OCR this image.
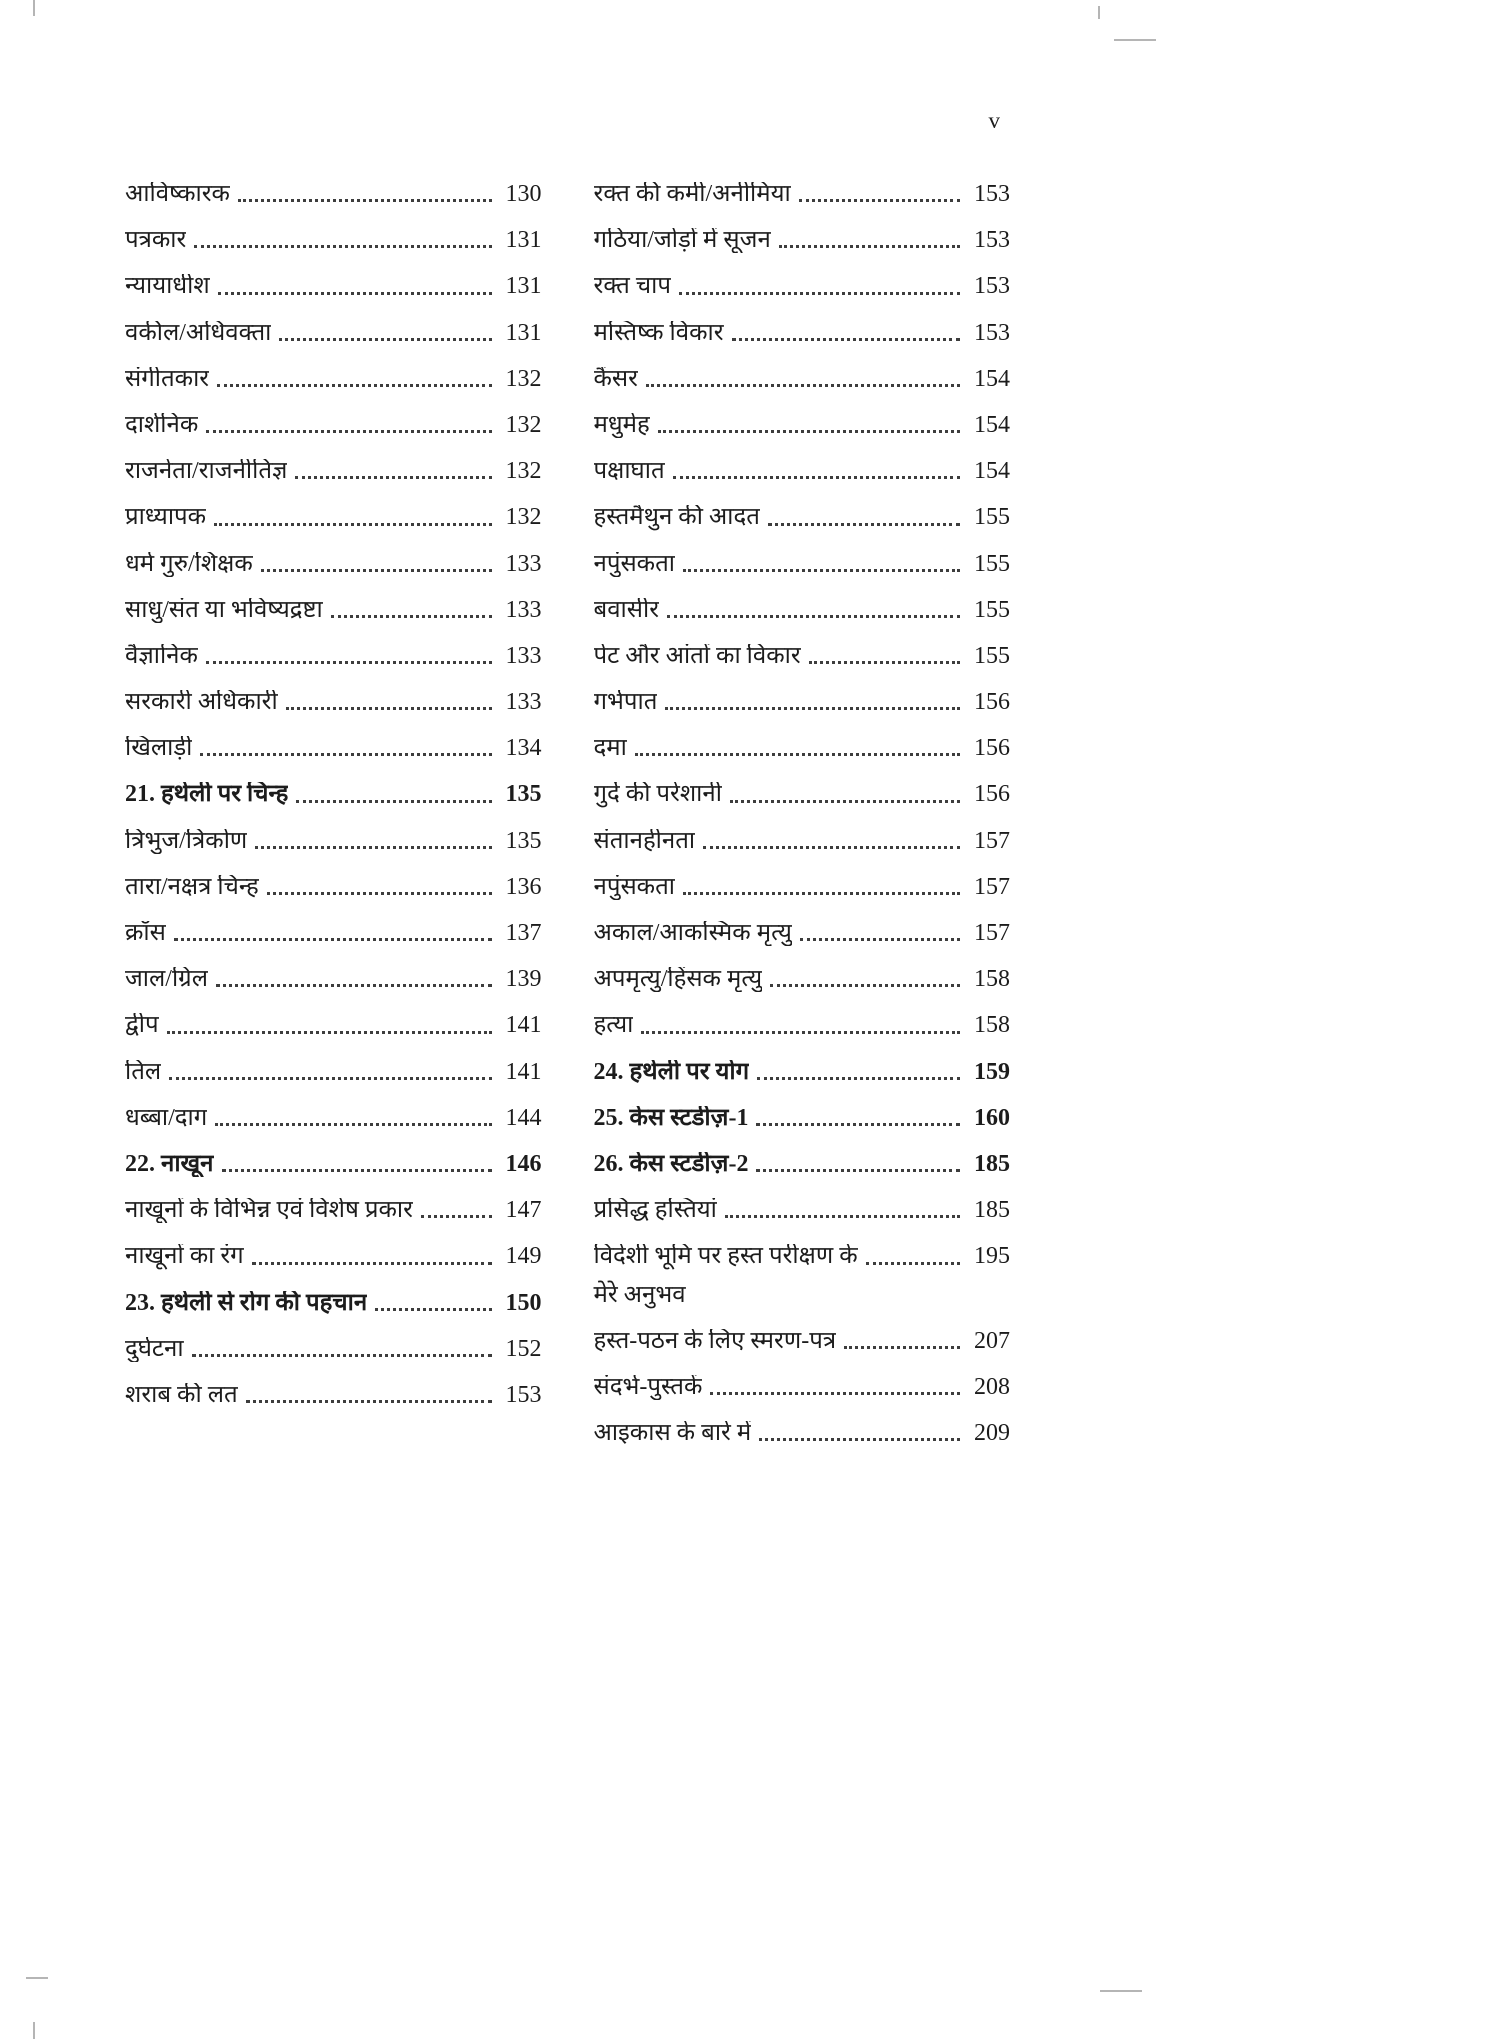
v
आविष्कारक	130
पत्रकार	131
न्यायाधीश	131
वकील/अधिवक्ता	131
संगीतकार	132
दार्शनिक	132
राजनेता/राजनीतिज्ञ	132
प्राध्यापक	132
धर्म गुरु/शिक्षक	133
साधु/संत या भविष्यद्रष्टा	133
वैज्ञानिक	133
सरकारी अधिकारी	133
खिलाड़ी	134
21. हथेली पर चिन्ह	135
त्रिभुज/त्रिकोण	135
तारा/नक्षत्र चिन्ह	136
क्रॉस	137
जाल/ग्रिल	139
द्वीप	141
तिल	141
धब्बा/दाग	144
22. नाखून	146
नाखूनों के विभिन्न एवं विशेष प्रकार	147
नाखूनों का रंग	149
23. हथेली से रोग की पहचान	150
दुर्घटना	152
शराब की लत	153
रक्त की कमी/अनीमिया	153
गठिया/जोड़ों में सूजन	153
रक्त चाप	153
मस्तिष्क विकार	153
कैंसर	154
मधुमेह	154
पक्षाघात	154
हस्तमैथुन की आदत	155
नपुंसकता	155
बवासीर	155
पेट और आंतों का विकार	155
गर्भपात	156
दमा	156
गुर्दे की परेशानी	156
संतानहीनता	157
नपुंसकता	157
अकाल/आकस्मिक मृत्यु	157
अपमृत्यु/हिंसक मृत्यु	158
हत्या	158
24. हथेली पर योग	159
25. केस स्टडीज़-1	160
26. केस स्टडीज़-2	185
प्रसिद्ध हस्तियां	185
विदेशी भूमि पर हस्त परीक्षण के	195
मेरे अनुभव
हस्त-पठन के लिए स्मरण-पत्र	207
संदर्भ-पुस्तकें	208
आइकास के बारे में	209
